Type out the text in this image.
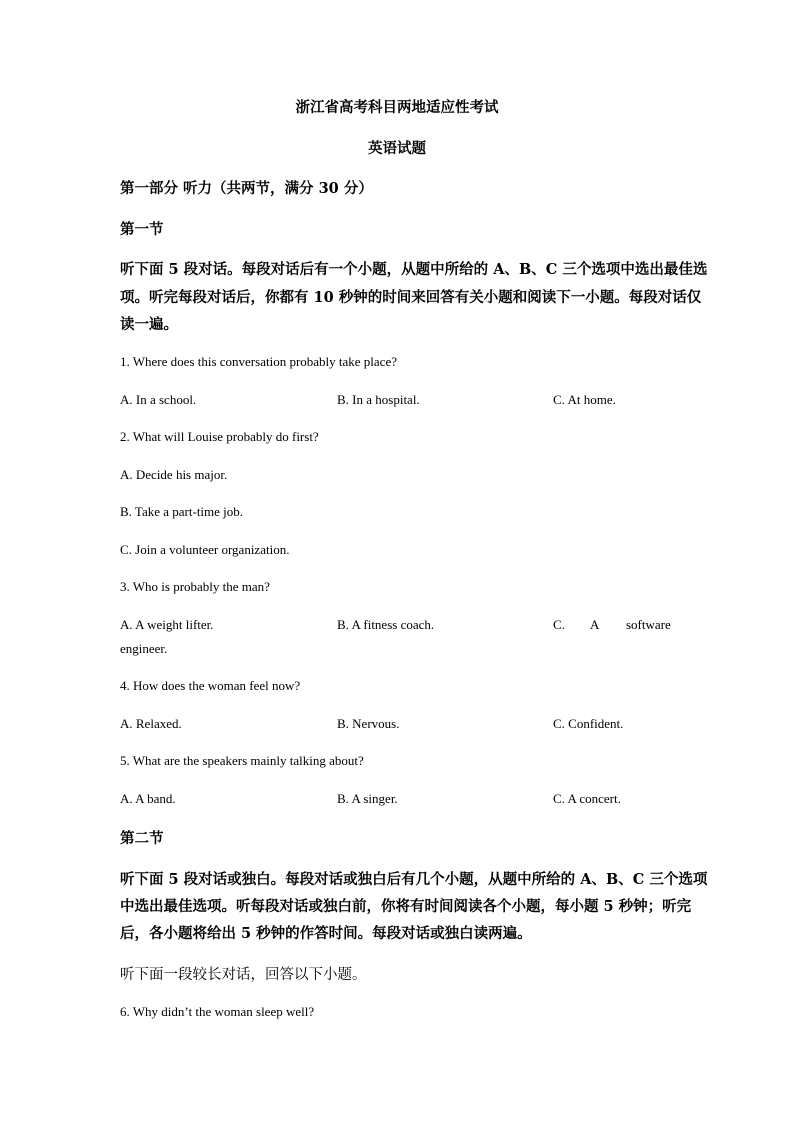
浙江省高考科目两地适应性考试
英语试题
第一部分 听力（共两节，满分 30 分）
第一节
听下面 5 段对话。每段对话后有一个小题，从题中所给的 A、B、C 三个选项中选出最佳选
项。听完每段对话后，你都有 10 秒钟的时间来回答有关小题和阅读下一小题。每段对话仅
读一遍。
1. Where does this conversation probably take place?
A. In a school.	B. In a hospital.	C. At home.
2. What will Louise probably do first?
A. Decide his major.
B. Take a part-time job.
C. Join a volunteer organization.
3. Who is probably the man?
A. A weight lifter.	B. A fitness coach.	C. A software
engineer.
4. How does the woman feel now?
A. Relaxed.	B. Nervous.	C. Confident.
5. What are the speakers mainly talking about?
A. A band.	B. A singer.	C. A concert.
第二节
听下面 5 段对话或独白。每段对话或独白后有几个小题，从题中所给的 A、B、C 三个选项
中选出最佳选项。听每段对话或独白前，你将有时间阅读各个小题，每小题 5 秒钟；听完
后，各小题将给出 5 秒钟的作答时间。每段对话或独白读两遍。
听下面一段较长对话，回答以下小题。
6. Why didn’t the woman sleep well?
